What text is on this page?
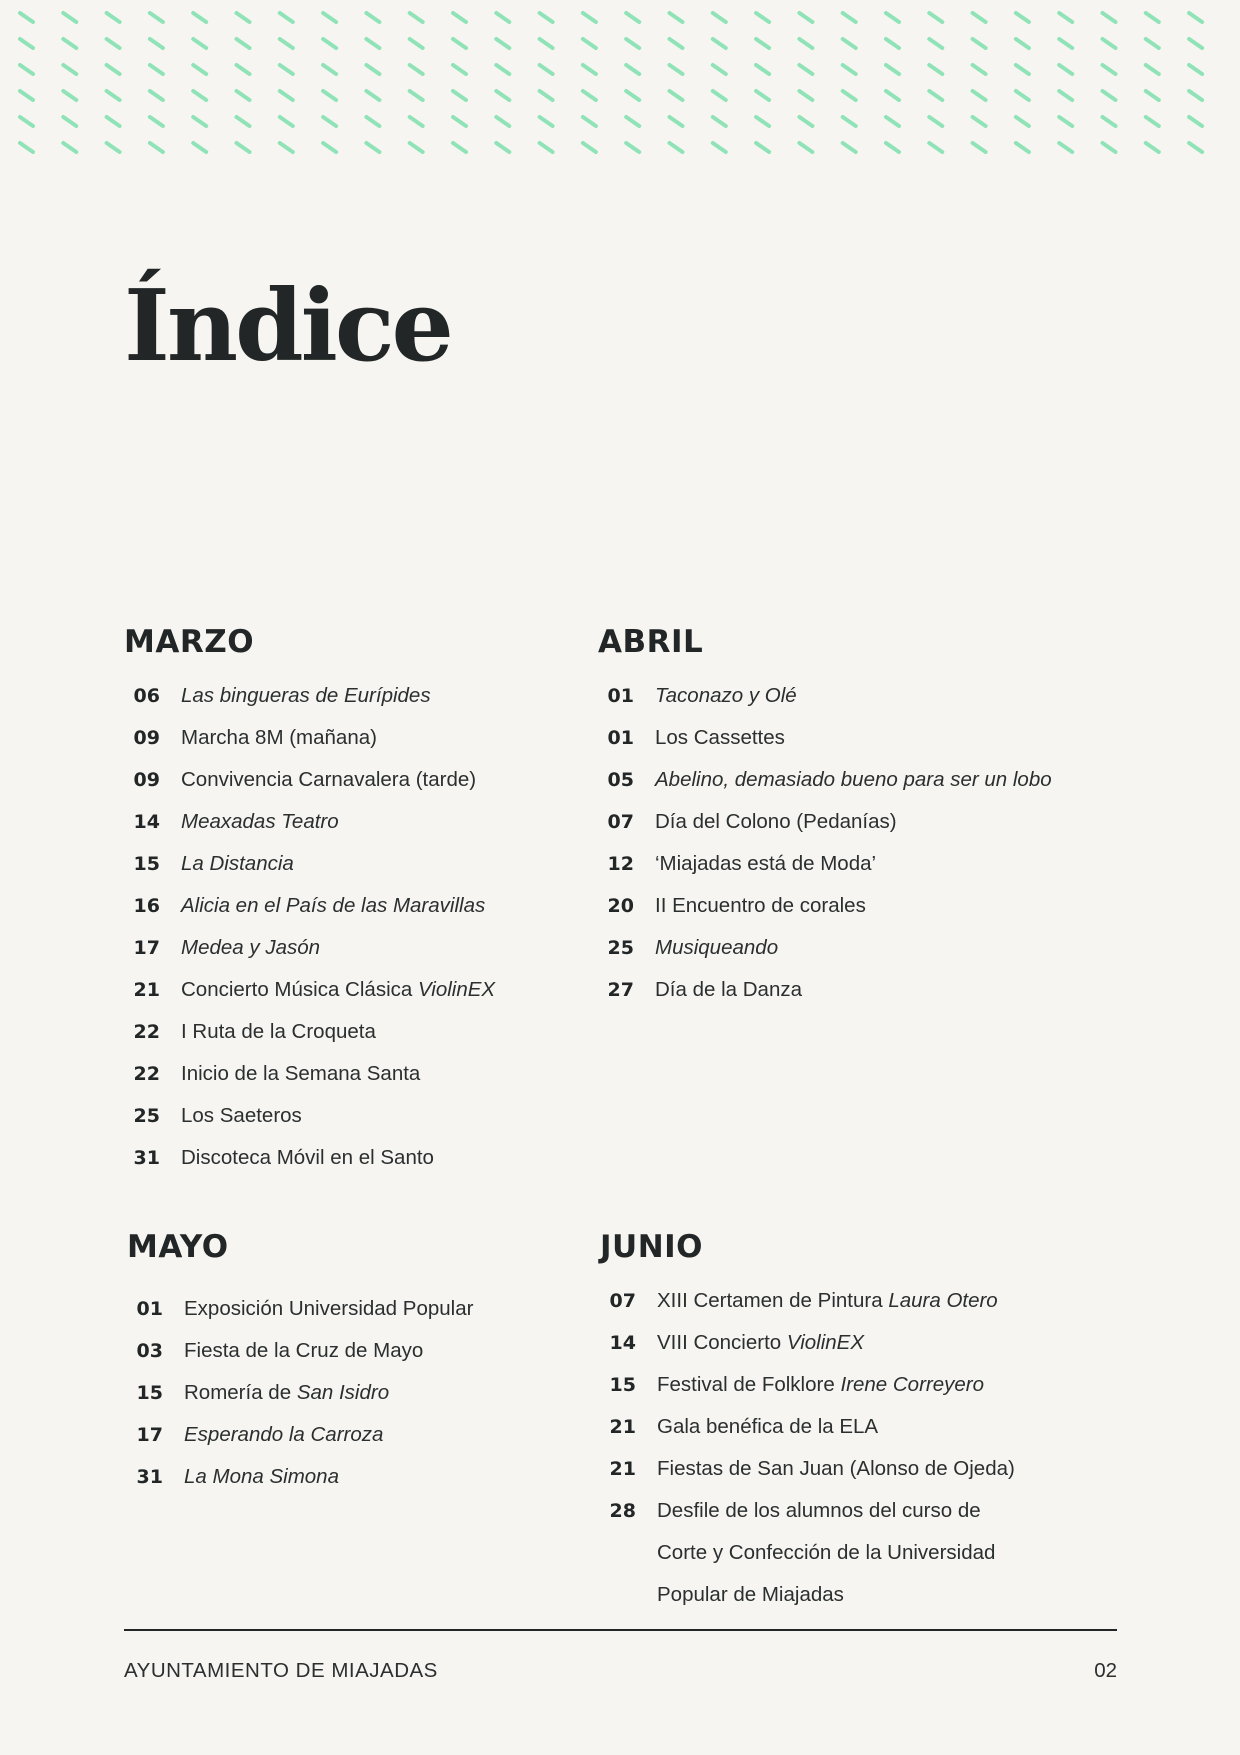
Índice
MARZO
06 Las bingueras de Eurípides
09 Marcha 8M (mañana)
09 Convivencia Carnavalera (tarde)
14 Meaxadas Teatro
15 La Distancia
16 Alicia en el País de las Maravillas
17 Medea y Jasón
21 Concierto Música Clásica ViolinEX
22 I Ruta de la Croqueta
22 Inicio de la Semana Santa
25 Los Saeteros
31 Discoteca Móvil en el Santo
ABRIL
01 Taconazo y Olé
01 Los Cassettes
05 Abelino, demasiado bueno para ser un lobo
07 Día del Colono (Pedanías)
12 ‘Miajadas está de Moda’
20 II Encuentro de corales
25 Musiqueando
27 Día de la Danza
MAYO
01 Exposición Universidad Popular
03 Fiesta de la Cruz de Mayo
15 Romería de San Isidro
17 Esperando la Carroza
31 La Mona Simona
JUNIO
07 XIII Certamen de Pintura Laura Otero
14 VIII Concierto ViolinEX
15 Festival de Folklore Irene Correyero
21 Gala benéfica de la ELA
21 Fiestas de San Juan (Alonso de Ojeda)
28 Desfile de los alumnos del curso de Corte y Confección de la Universidad Popular de Miajadas
AYUNTAMIENTO DE MIAJADAS	02
